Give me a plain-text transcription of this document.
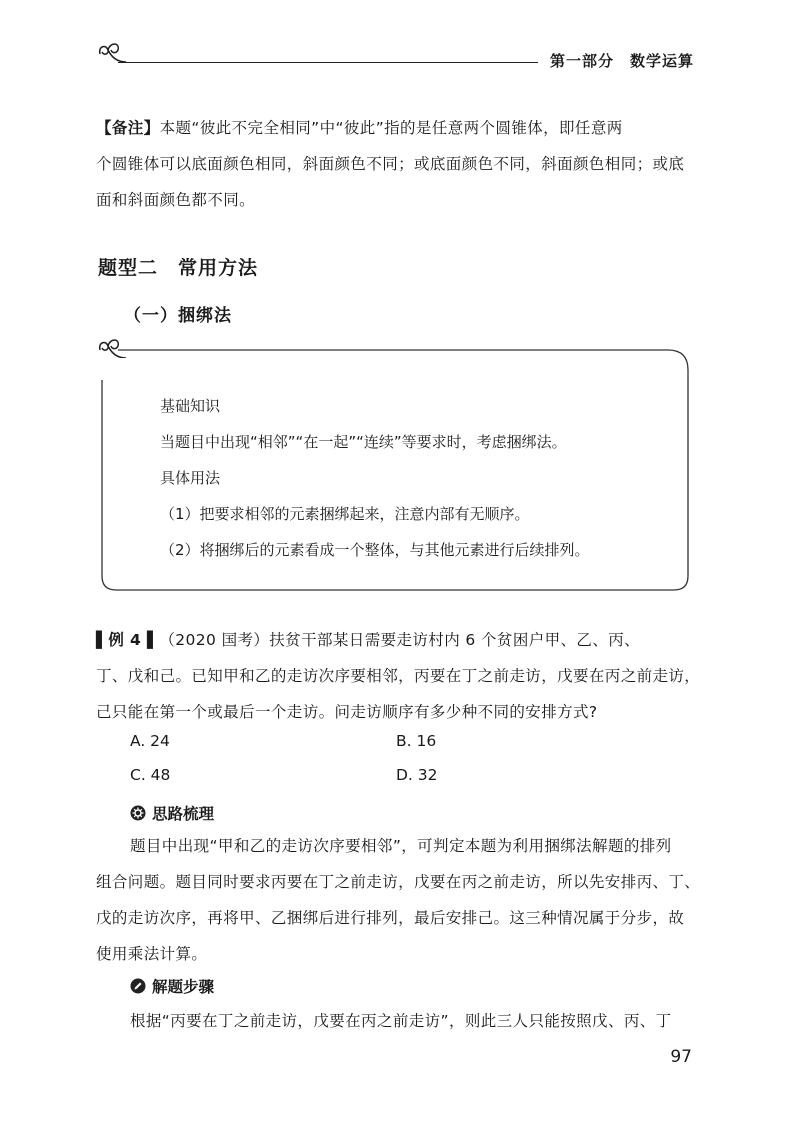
第一部分　数学运算
【备注】本题“彼此不完全相同”中“彼此”指的是任意两个圆锥体，即任意两
个圆锥体可以底面颜色相同，斜面颜色不同；或底面颜色不同，斜面颜色相同；或底
面和斜面颜色都不同。
题型二　常用方法
（一）捆绑法
基础知识
当题目中出现“相邻”“在一起”“连续”等要求时，考虑捆绑法。
具体用法
（1）把要求相邻的元素捆绑起来，注意内部有无顺序。
（2）将捆绑后的元素看成一个整体，与其他元素进行后续排列。
▌例 4 ▌（2020 国考）扶贫干部某日需要走访村内 6 个贫困户甲、乙、丙、
丁、戊和己。已知甲和乙的走访次序要相邻，丙要在丁之前走访，戊要在丙之前走访，
己只能在第一个或最后一个走访。问走访顺序有多少种不同的安排方式?
A. 24	B. 16
C. 48	D. 32
思路梳理
题目中出现“甲和乙的走访次序要相邻”，可判定本题为利用捆绑法解题的排列
组合问题。题目同时要求丙要在丁之前走访，戊要在丙之前走访，所以先安排丙、丁、
戊的走访次序，再将甲、乙捆绑后进行排列，最后安排己。这三种情况属于分步，故
使用乘法计算。
解题步骤
根据“丙要在丁之前走访，戊要在丙之前走访”，则此三人只能按照戊、丙、丁
97
